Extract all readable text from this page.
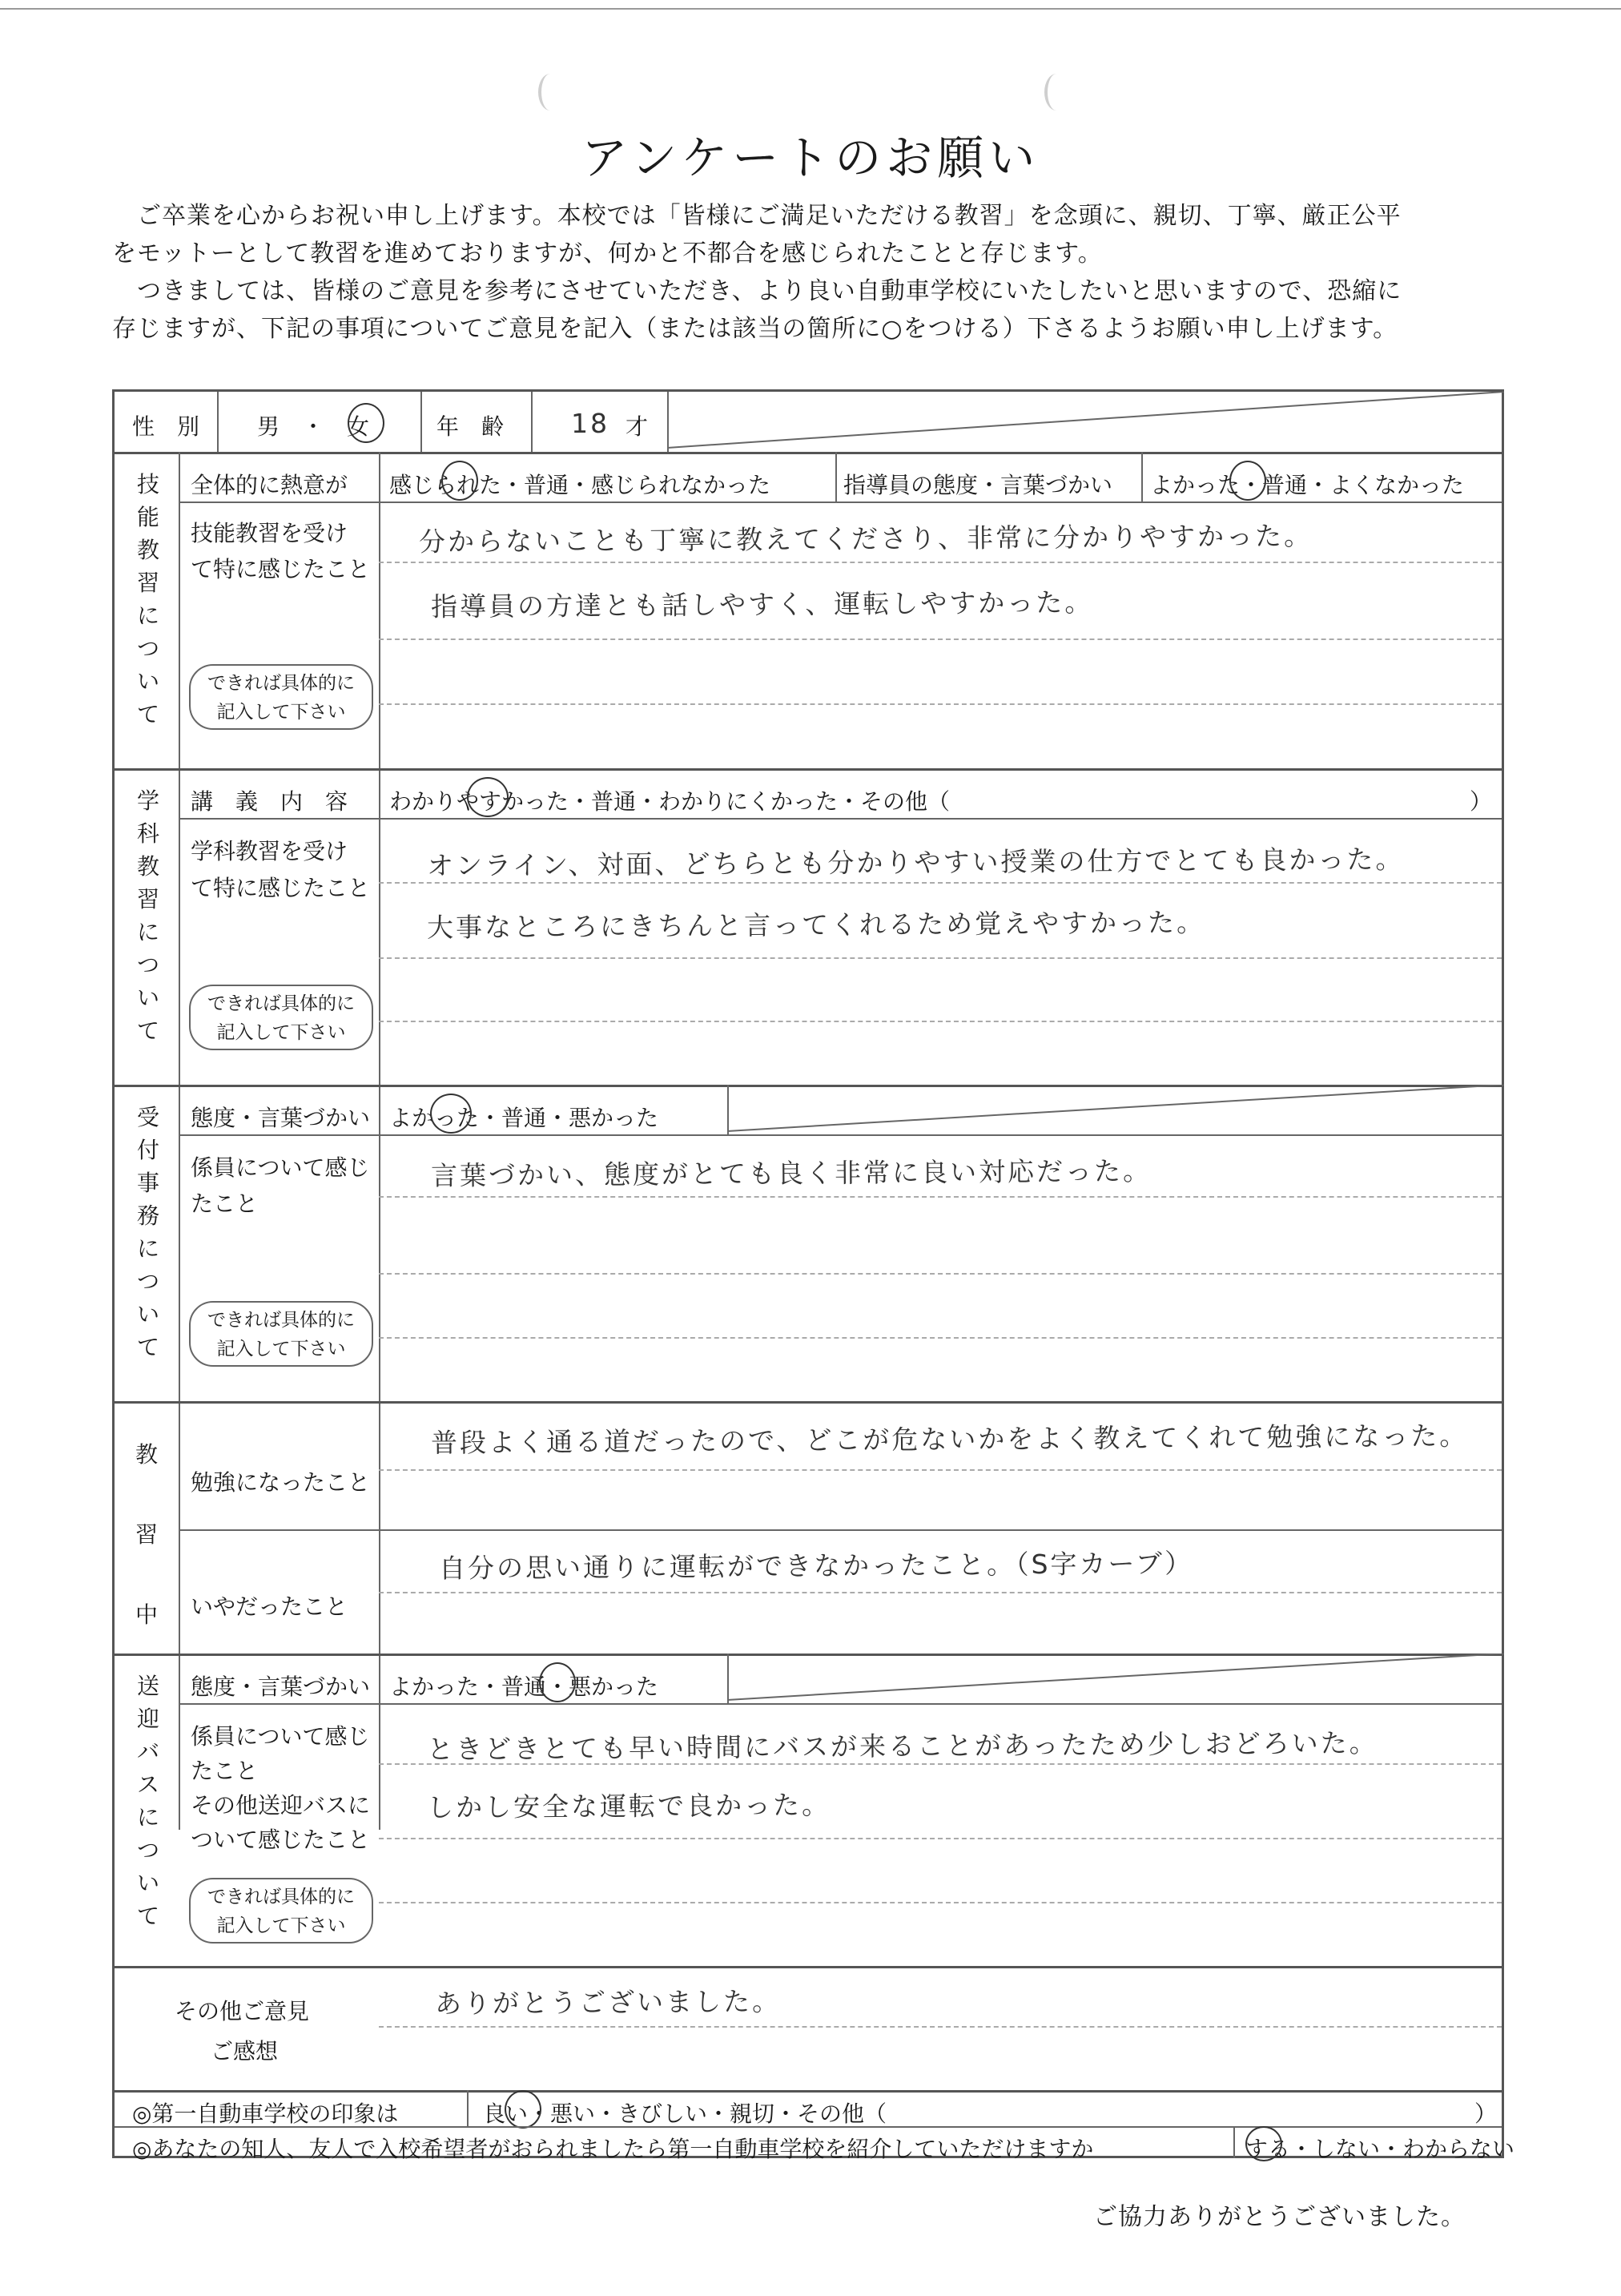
アンケートのお願い
　ご卒業を心からお祝い申し上げます。本校では「皆様にご満足いただける教習」を念頭に、親切、丁寧、厳正公平
をモットーとして教習を進めておりますが、何かと不都合を感じられたことと存じます。
　つきましては、皆様のご意見を参考にさせていただき、より良い自動車学校にいたしたいと思いますので、恐縮に
存じますが、下記の事項についてご意見を記入（または該当の箇所に○をつける）下さるようお願い申し上げます。
性　別	男　・　女	年　齢	18 才
技
能
教
習
に
つ
い
て
全体的に熱意が 感じられた・普通・感じられなかった	指導員の態度・言葉づかい よかった・普通・よくなかった
技能教習を受け
て特に感じたこと
できれば具体的に
記入して下さい
分からないことも丁寧に教えてくださり、非常に分かりやすかった。
指導員の方達とも話しやすく、運転しやすかった。
学
科
教
習
に
つ
い
て
講　義　内　容 わかりやすかった・普通・わかりにくかった・その他（	）
学科教習を受け
て特に感じたこと
できれば具体的に
記入して下さい
オンライン、対面、どちらとも分かりやすい授業の仕方でとても良かった。
大事なところにきちんと言ってくれるため覚えやすかった。
受
付
事
務
に
つ
い
て
態度・言葉づかい よかった・普通・悪かった
係員について感じ
たこと
できれば具体的に
記入して下さい
言葉づかい、態度がとても良く非常に良い対応だった。
教
習
中
勉強になったこと
普段よく通る道だったので、どこが危ないかをよく教えてくれて勉強になった。
いやだったこと
自分の思い通りに運転ができなかったこと。（S字カーブ）
送
迎
バ
ス
に
つ
い
て
態度・言葉づかい よかった・普通・悪かった
係員について感じ
たこと
その他送迎バスに
ついて感じたこと
できれば具体的に
記入して下さい
ときどきとても早い時間にバスが来ることがあったため少しおどろいた。
しかし安全な運転で良かった。
その他ご意見
ご感想
ありがとうございました。
◎第一自動車学校の印象は	良い・悪い・きびしい・親切・その他（	）
◎あなたの知人、友人で入校希望者がおられましたら第一自動車学校を紹介していただけますか	する・しない・わからない
ご協力ありがとうございました。
